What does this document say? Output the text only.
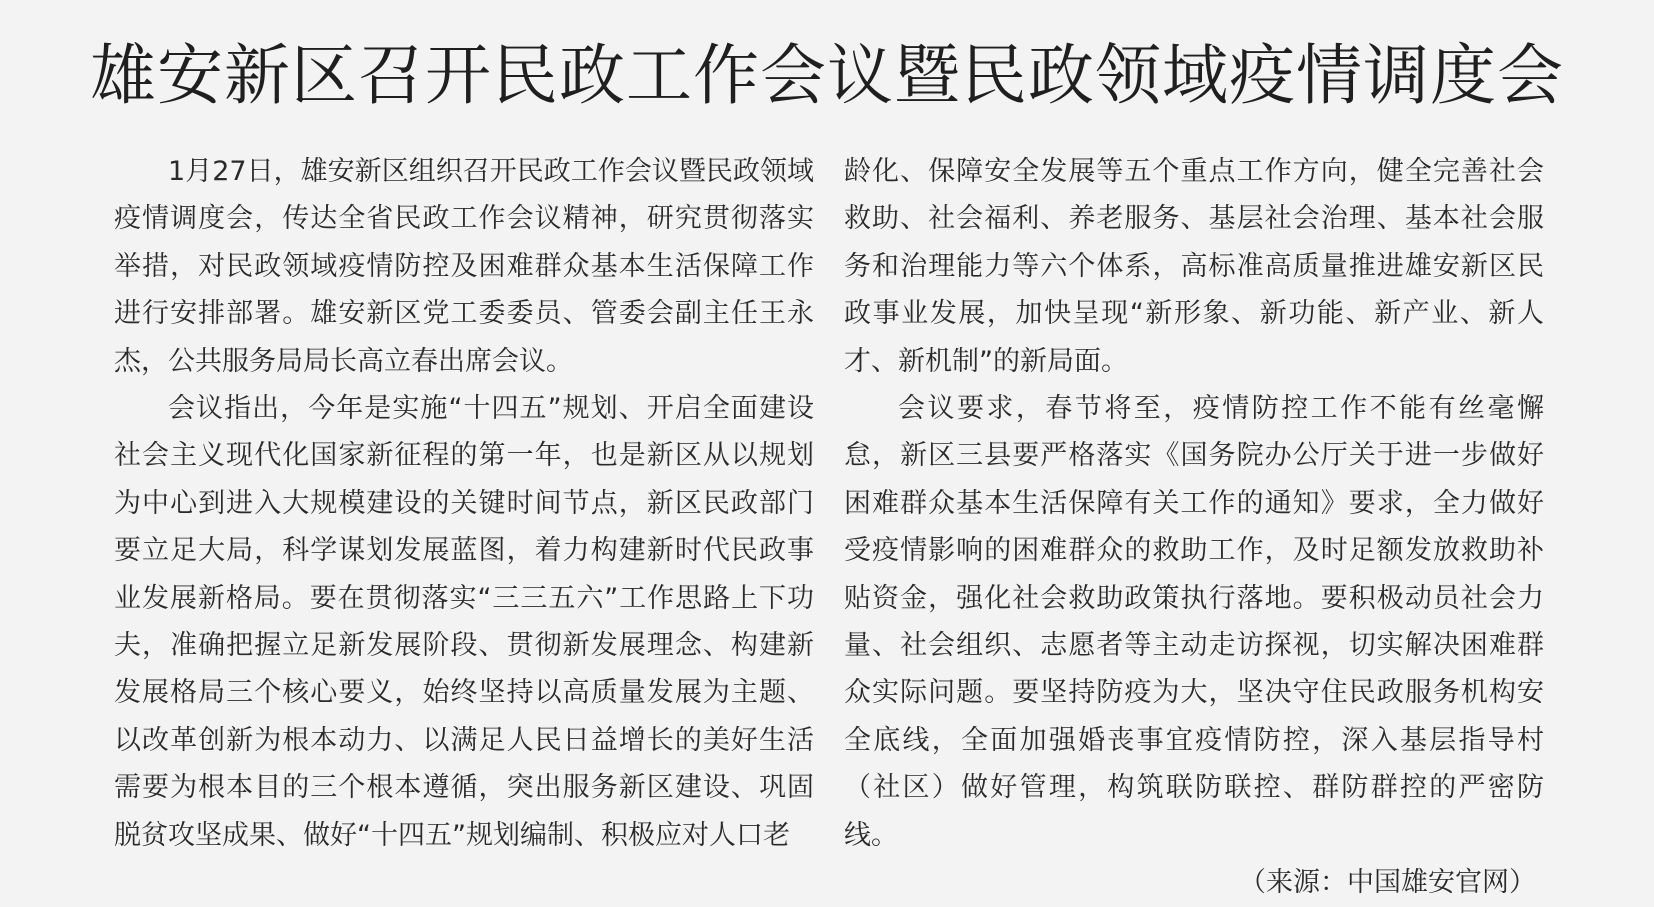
雄安新区召开民政工作会议暨民政领域疫情调度会

1月27日，雄安新区组织召开民政工作会议暨民政领域疫情调度会，传达全省民政工作会议精神，研究贯彻落实举措，对民政领域疫情防控及困难群众基本生活保障工作进行安排部署。雄安新区党工委委员、管委会副主任王永杰，公共服务局局长高立春出席会议。

会议指出，今年是实施“十四五”规划、开启全面建设社会主义现代化国家新征程的第一年，也是新区从以规划为中心到进入大规模建设的关键时间节点，新区民政部门要立足大局，科学谋划发展蓝图，着力构建新时代民政事业发展新格局。要在贯彻落实“三三五六”工作思路上下功夫，准确把握立足新发展阶段、贯彻新发展理念、构建新发展格局三个核心要义，始终坚持以高质量发展为主题、以改革创新为根本动力、以满足人民日益增长的美好生活需要为根本目的三个根本遵循，突出服务新区建设、巩固脱贫攻坚成果、做好“十四五”规划编制、积极应对人口老

龄化、保障安全发展等五个重点工作方向，健全完善社会救助、社会福利、养老服务、基层社会治理、基本社会服务和治理能力等六个体系，高标准高质量推进雄安新区民政事业发展，加快呈现“新形象、新功能、新产业、新人才、新机制”的新局面。

会议要求，春节将至，疫情防控工作不能有丝毫懈怠，新区三县要严格落实《国务院办公厅关于进一步做好困难群众基本生活保障有关工作的通知》要求，全力做好受疫情影响的困难群众的救助工作，及时足额发放救助补贴资金，强化社会救助政策执行落地。要积极动员社会力量、社会组织、志愿者等主动走访探视，切实解决困难群众实际问题。要坚持防疫为大，坚决守住民政服务机构安全底线，全面加强婚丧事宜疫情防控，深入基层指导村（社区）做好管理，构筑联防联控、群防群控的严密防线。

（来源：中国雄安官网）
